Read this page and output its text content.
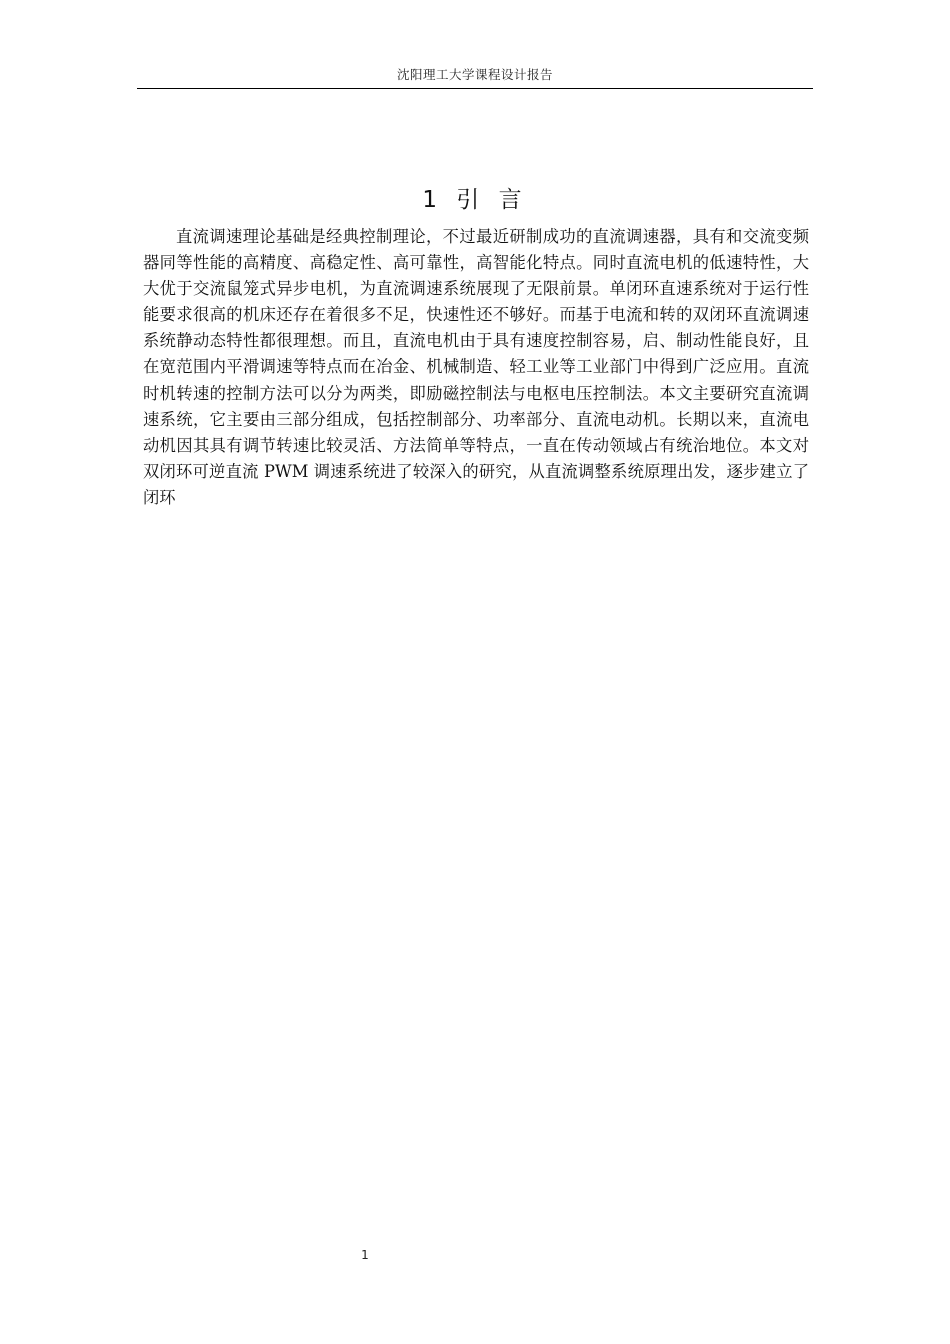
沈阳理工大学课程设计报告
1 引 言

直流调速理论基础是经典控制理论，不过最近研制成功的直流调速器，具有和交流变频器同等性能的高精度、高稳定性、高可靠性，高智能化特点。同时直流电机的低速特性，大大优于交流鼠笼式异步电机，为直流调速系统展现了无限前景。单闭环直速系统对于运行性能要求很高的机床还存在着很多不足，快速性还不够好。而基于电流和转的双闭环直流调速系统静动态特性都很理想。而且，直流电机由于具有速度控制容易，启、制动性能良好，且在宽范围内平滑调速等特点而在冶金、机械制造、轻工业等工业部门中得到广泛应用。直流时机转速的控制方法可以分为两类，即励磁控制法与电枢电压控制法。本文主要研究直流调速系统，它主要由三部分组成，包括控制部分、功率部分、直流电动机。长期以来，直流电动机因其具有调节转速比较灵活、方法简单等特点，一直在传动领域占有统治地位。本文对双闭环可逆直流 PWM 调速系统进了较深入的研究，从直流调整系统原理出发，逐步建立了闭环

1
